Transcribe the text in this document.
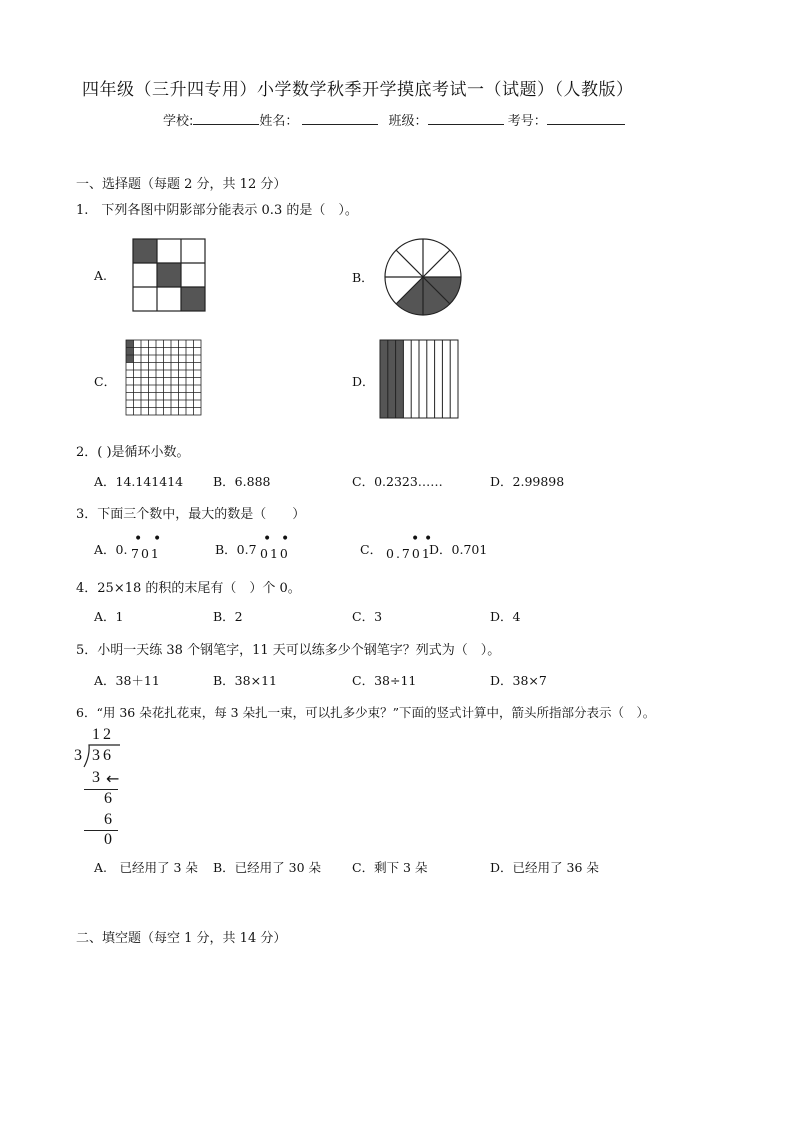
四年级（三升四专用）小学数学秋季开学摸底考试一（试题）（人教版）
学校:	姓名：	班级：	考号：
一、选择题（每题 2 分，共 12 分）
1.　下列各图中阴影部分能表示 0.3 的是（　）。
A.	B．
C．	D．
2．( )是循环小数。
A．14.141414 B．6.888	C．0.2323……	D．2.99898
3．下面三个数中，最大的数是（　　）
A．0. 701
• •
B．0.7 010
• •
C． 0.701
• •
D．0.701
4．25×18 的积的末尾有（　）个 0。
A．1	B．2	C．3	D．4
5．小明一天练 38 个钢笔字，11 天可以练多少个钢笔字？列式为（　）。
A．38＋11	B．38×11	C．38÷11	D．38×7
6．“用 36 朵花扎花束，每 3 朵扎一束，可以扎多少束？”下面的竖式计算中，箭头所指部分表示（　）。
12
3 36
3 ←
6
6
0
A.　已经用了 3 朵 B．已经用了 30 朵 C．剩下 3 朵	D．已经用了 36 朵
二、填空题（每空 1 分，共 14 分）
